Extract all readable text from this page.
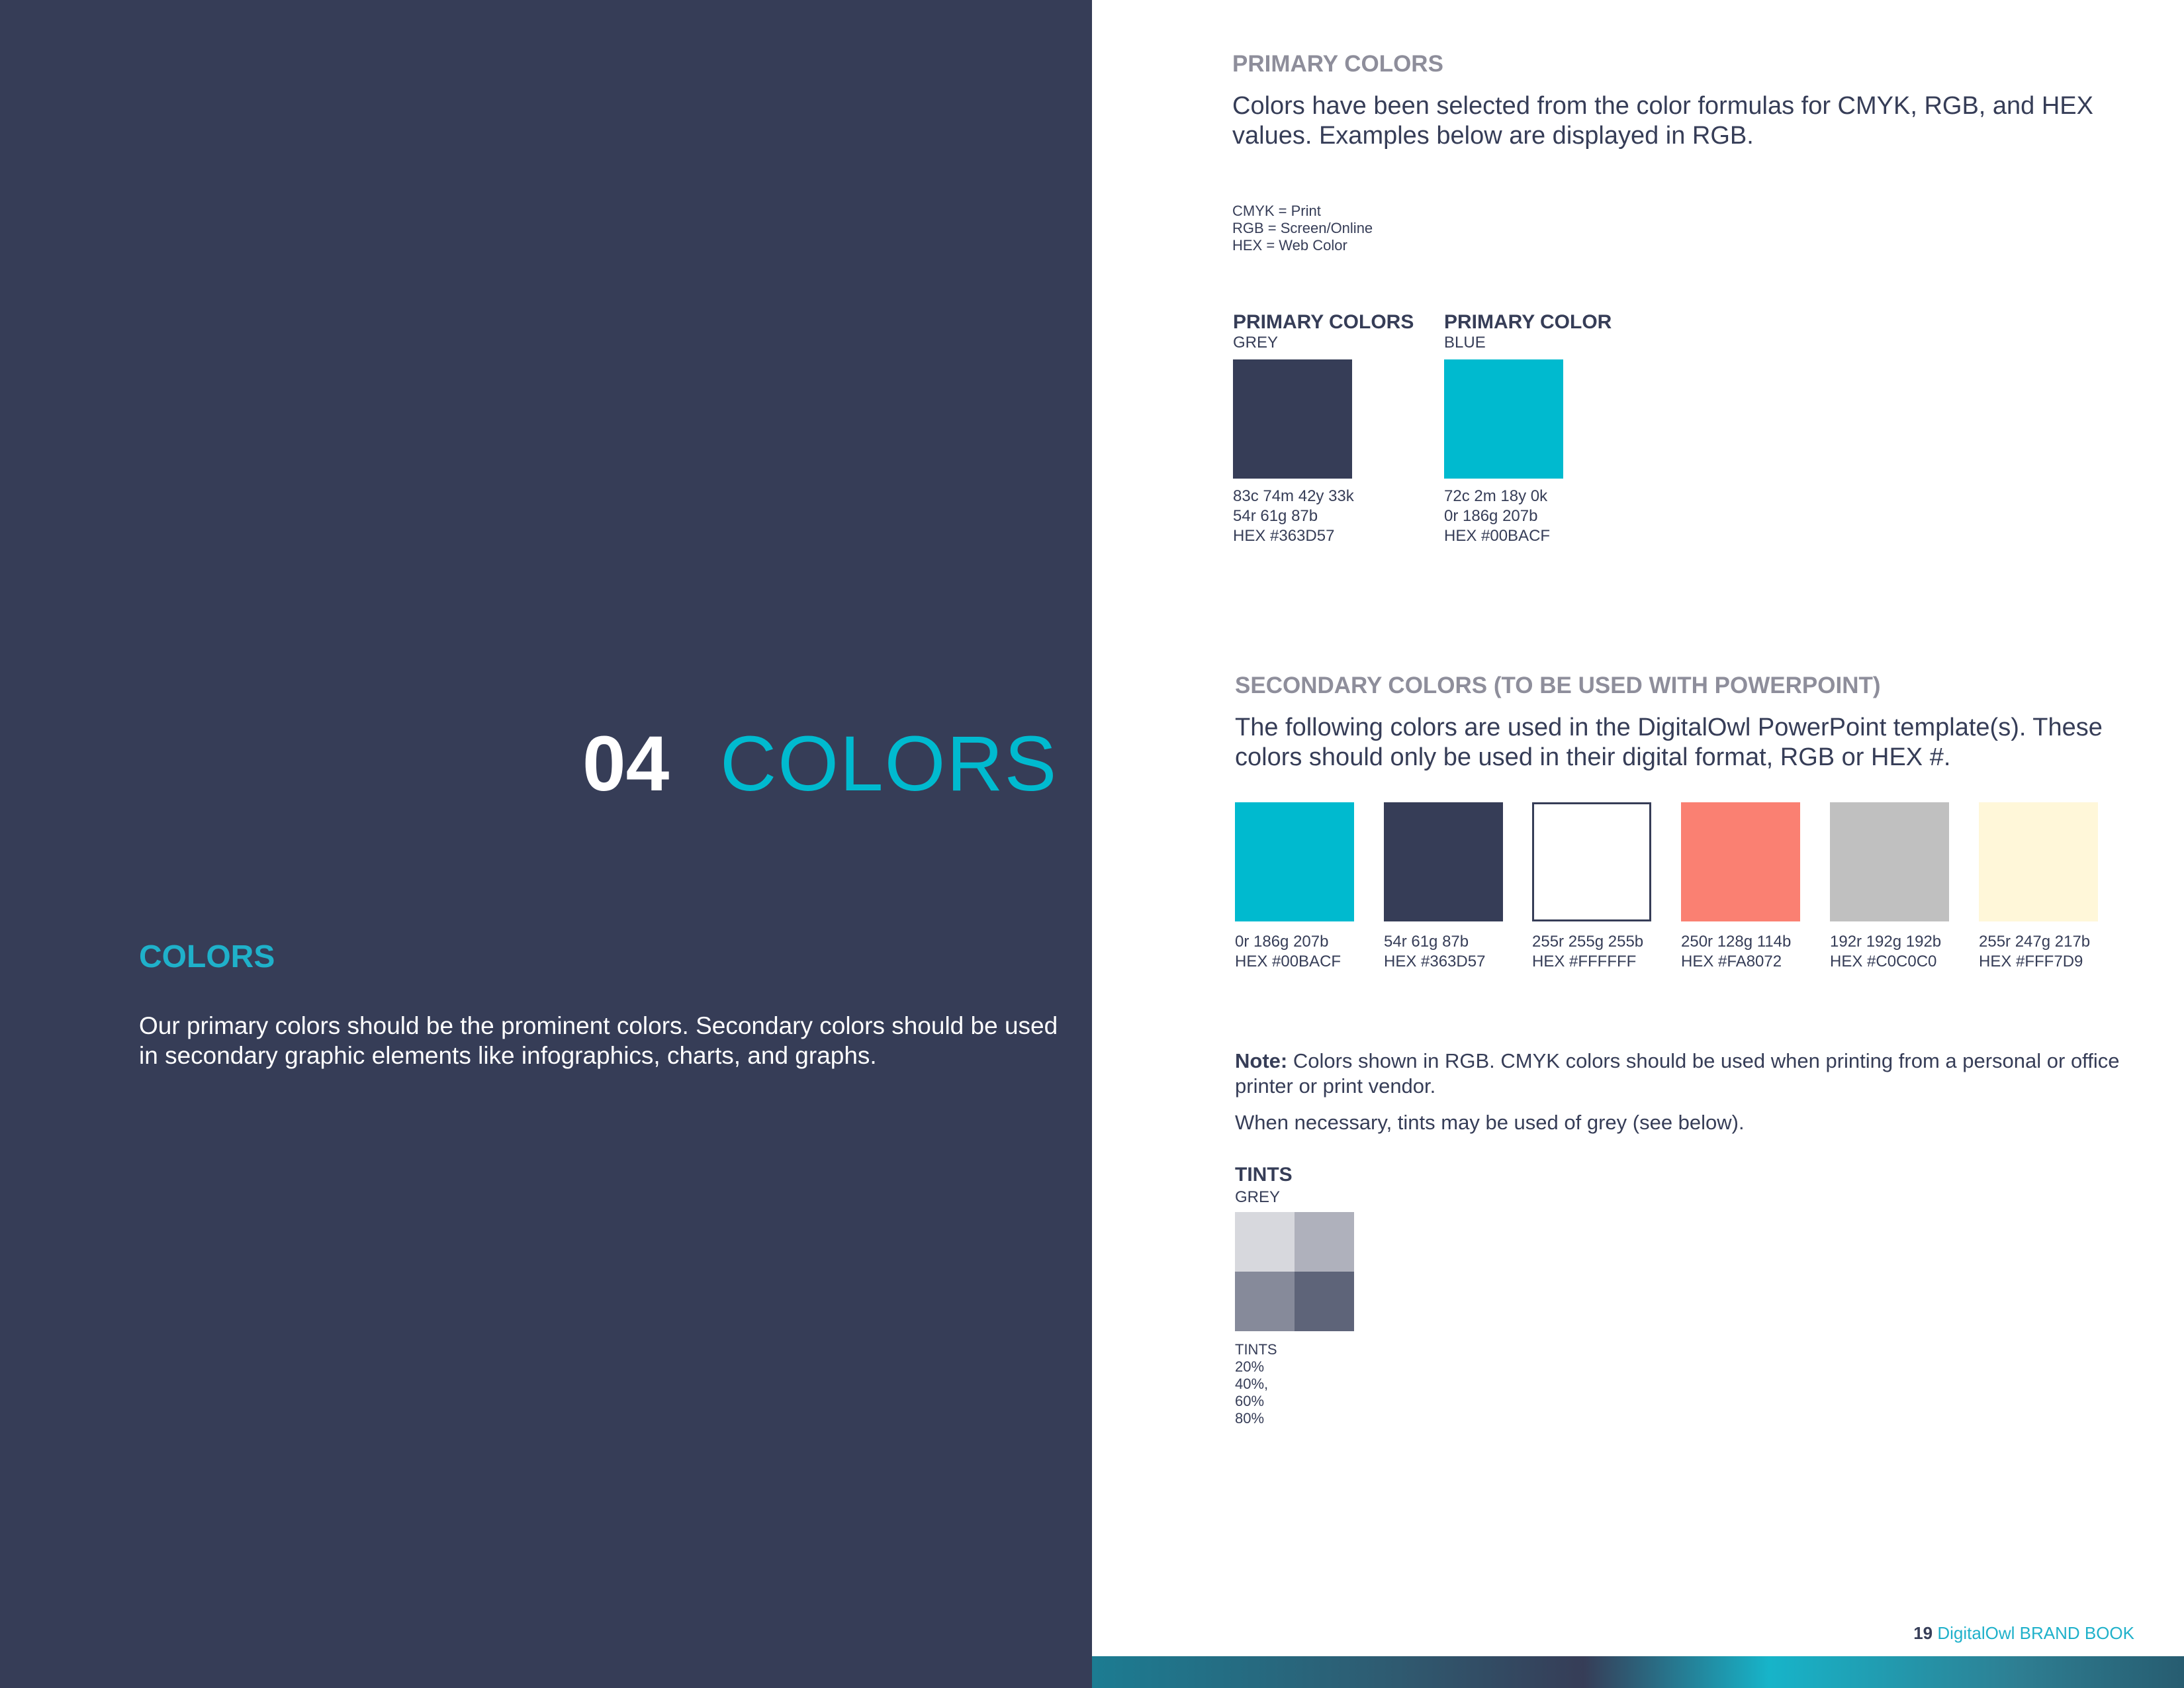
04 COLORS
COLORS
Our primary colors should be the prominent colors. Secondary colors should be used in secondary graphic elements like infographics, charts, and graphs.
PRIMARY COLORS
Colors have been selected from the color formulas for CMYK, RGB, and HEX values. Examples below are displayed in RGB.
CMYK = Print
RGB = Screen/Online
HEX = Web Color
PRIMARY COLORS
GREY
83c 74m 42y 33k
54r 61g 87b
HEX #363D57
PRIMARY COLOR
BLUE
72c 2m 18y 0k
0r 186g 207b
HEX #00BACF
SECONDARY COLORS (TO BE USED WITH POWERPOINT)
The following colors are used in the DigitalOwl PowerPoint template(s). These colors should only be used in their digital format, RGB or HEX #.
0r 186g 207b
HEX #00BACF
54r 61g 87b
HEX #363D57
255r 255g 255b
HEX #FFFFFF
250r 128g 114b
HEX #FA8072
192r 192g 192b
HEX #C0C0C0
255r 247g 217b
HEX #FFF7D9
Note: Colors shown in RGB. CMYK colors should be used when printing from a personal or office printer or print vendor.
When necessary, tints may be used of grey (see below).
TINTS
GREY
TINTS
20%
40%,
60%
80%
19 DigitalOwl BRAND BOOK
